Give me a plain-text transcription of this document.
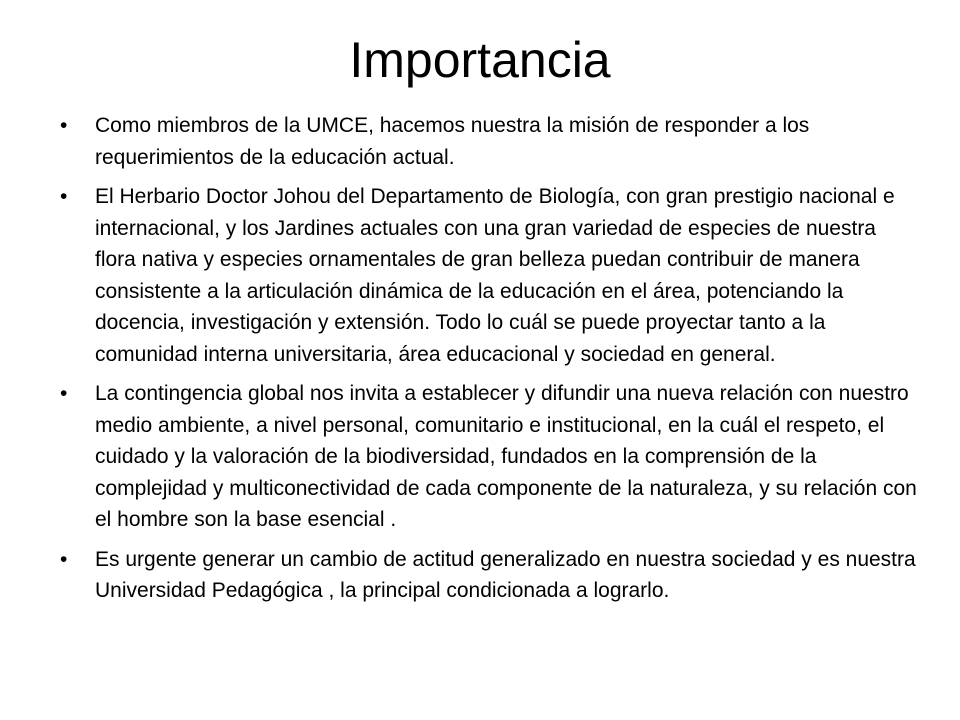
Importancia
• Como miembros de la UMCE, hacemos nuestra la misión de responder a los requerimientos de la educación actual.
• El Herbario Doctor Johou del Departamento de Biología, con gran prestigio nacional e internacional, y los Jardines actuales con una gran variedad de especies de nuestra flora nativa y especies ornamentales de gran belleza puedan contribuir de manera consistente a la articulación dinámica de la educación en el área, potenciando la docencia, investigación y extensión. Todo lo cuál se puede proyectar tanto a la comunidad interna universitaria, área educacional y sociedad en general.
• La contingencia global nos invita a establecer y difundir una nueva relación con nuestro medio ambiente, a nivel personal, comunitario e institucional, en la cuál el respeto, el cuidado y la valoración de la biodiversidad, fundados en la comprensión de la complejidad y multiconectividad de cada componente de la naturaleza, y su relación con el hombre son la base esencial .
• Es urgente generar un cambio de actitud generalizado en nuestra sociedad y es nuestra Universidad Pedagógica , la principal condicionada a lograrlo.
